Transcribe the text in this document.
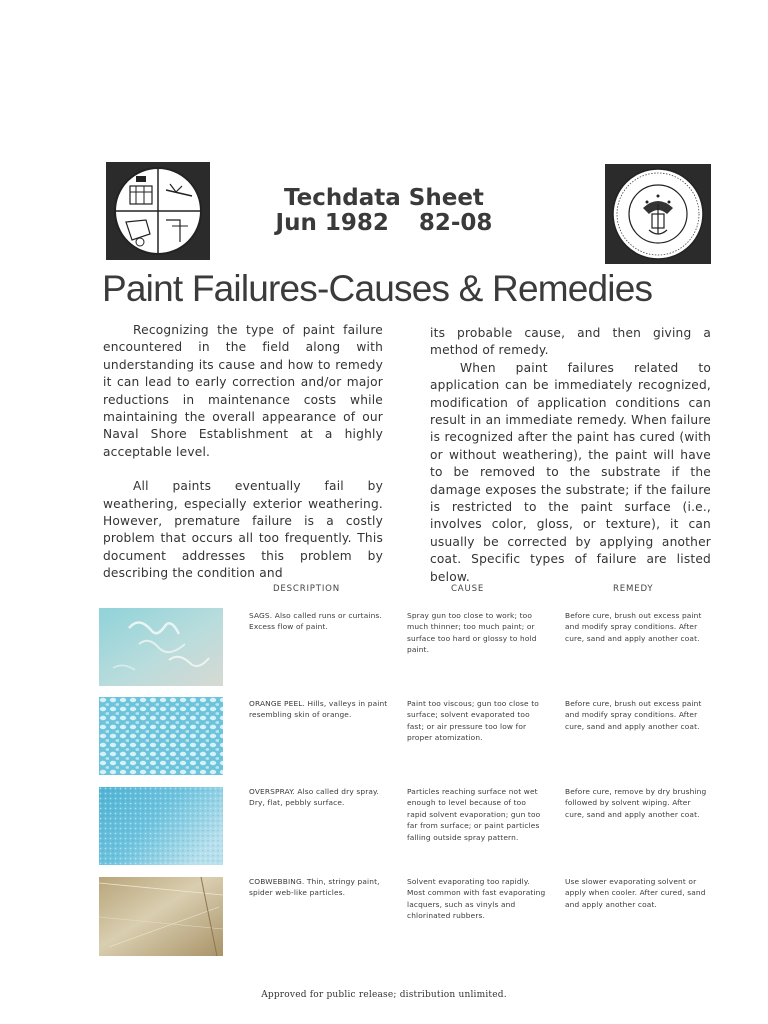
Techdata Sheet
Jun 1982 82-08
Paint Failures-Causes & Remedies

Recognizing the type of paint failure encountered in the field along with understanding its cause and how to remedy it can lead to early correction and/or major reductions in maintenance costs while maintaining the overall appearance of our Naval Shore Establishment at a highly acceptable level.

All paints eventually fail by weathering, especially exterior weathering. However, premature failure is a costly problem that occurs all too frequently. This document addresses this problem by describing the condition and

its probable cause, and then giving a method of remedy.

When paint failures related to application can be immediately recognized, modification of application conditions can result in an immediate remedy. When failure is recognized after the paint has cured (with or without weathering), the paint will have to be removed to the substrate if the damage exposes the substrate; if the failure is restricted to the paint surface (i.e., involves color, gloss, or texture), it can usually be corrected by applying another coat. Specific types of failure are listed below.

DESCRIPTION	CAUSE	REMEDY
SAGS. Also called runs or curtains. Excess flow of paint.
Spray gun too close to work; too much thinner; too much paint; or surface too hard or glossy to hold paint.
Before cure, brush out excess paint and modify spray conditions. After cure, sand and apply another coat.
ORANGE PEEL. Hills, valleys in paint resembling skin of orange.
Paint too viscous; gun too close to surface; solvent evaporated too fast; or air pressure too low for proper atomization.
Before cure, brush out excess paint and modify spray conditions. After cure, sand and apply another coat.
OVERSPRAY. Also called dry spray. Dry, flat, pebbly surface.
Particles reaching surface not wet enough to level because of too rapid solvent evaporation; gun too far from surface; or paint particles falling outside spray pattern.
Before cure, remove by dry brushing followed by solvent wiping. After cure, sand and apply another coat.
COBWEBBING. Thin, stringy paint, spider web-like particles.
Solvent evaporating too rapidly. Most common with fast evaporating lacquers, such as vinyls and chlorinated rubbers.
Use slower evaporating solvent or apply when cooler. After cured, sand and apply another coat.
Approved for public release; distribution unlimited.
